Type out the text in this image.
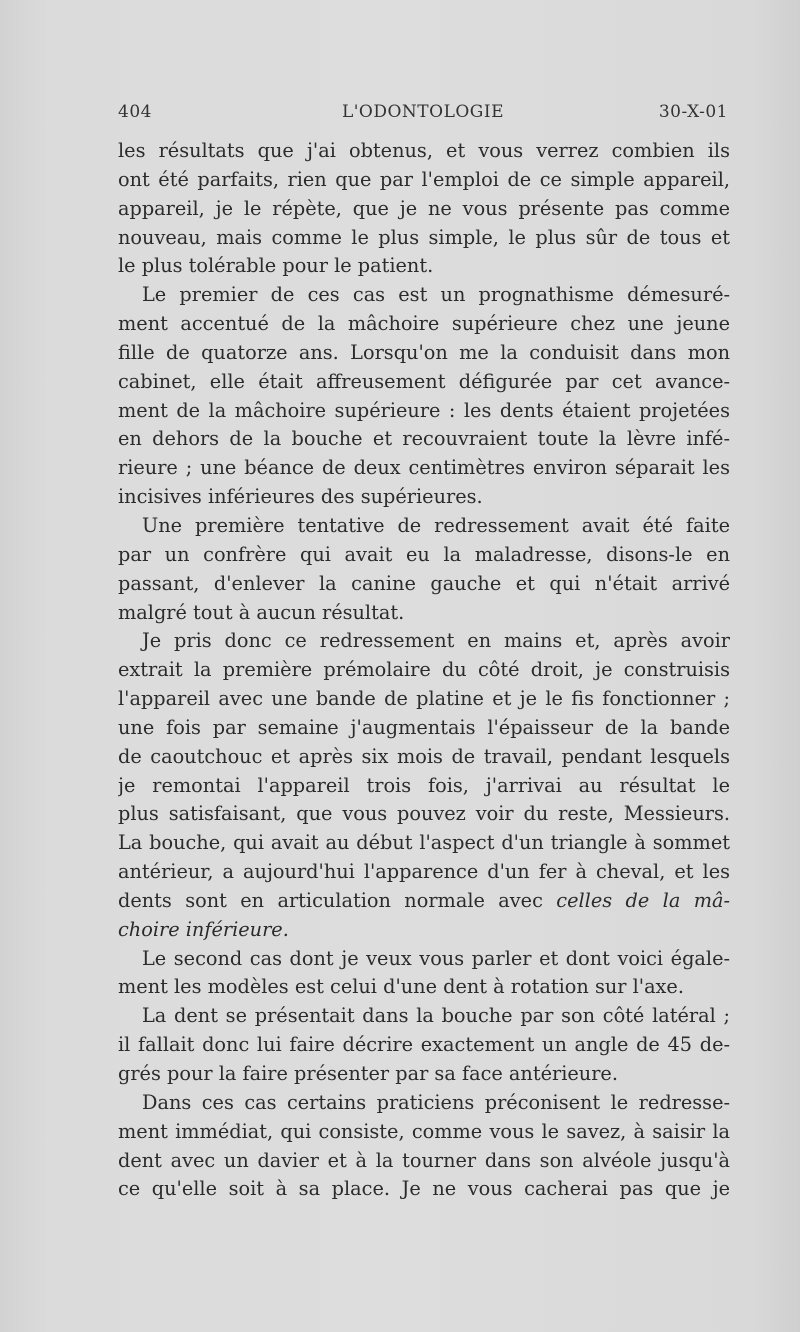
404	L'ODONTOLOGIE	30-X-01
les résultats que j'ai obtenus, et vous verrez combien ils
ont été parfaits, rien que par l'emploi de ce simple appareil,
appareil, je le répète, que je ne vous présente pas comme
nouveau, mais comme le plus simple, le plus sûr de tous et
le plus tolérable pour le patient.
Le premier de ces cas est un prognathisme démesuré-
ment accentué de la mâchoire supérieure chez une jeune
fille de quatorze ans. Lorsqu'on me la conduisit dans mon
cabinet, elle était affreusement défigurée par cet avance-
ment de la mâchoire supérieure : les dents étaient projetées
en dehors de la bouche et recouvraient toute la lèvre infé-
rieure ; une béance de deux centimètres environ séparait les
incisives inférieures des supérieures.
Une première tentative de redressement avait été faite
par un confrère qui avait eu la maladresse, disons-le en
passant, d'enlever la canine gauche et qui n'était arrivé
malgré tout à aucun résultat.
Je pris donc ce redressement en mains et, après avoir
extrait la première prémolaire du côté droit, je construisis
l'appareil avec une bande de platine et je le fis fonctionner ;
une fois par semaine j'augmentais l'épaisseur de la bande
de caoutchouc et après six mois de travail, pendant lesquels
je remontai l'appareil trois fois, j'arrivai au résultat le
plus satisfaisant, que vous pouvez voir du reste, Messieurs.
La bouche, qui avait au début l'aspect d'un triangle à sommet
antérieur, a aujourd'hui l'apparence d'un fer à cheval, et les
dents sont en articulation normale avec celles de la mâ-
choire inférieure.
Le second cas dont je veux vous parler et dont voici égale-
ment les modèles est celui d'une dent à rotation sur l'axe.
La dent se présentait dans la bouche par son côté latéral ;
il fallait donc lui faire décrire exactement un angle de 45 de-
grés pour la faire présenter par sa face antérieure.
Dans ces cas certains praticiens préconisent le redresse-
ment immédiat, qui consiste, comme vous le savez, à saisir la
dent avec un davier et à la tourner dans son alvéole jusqu'à
ce qu'elle soit à sa place. Je ne vous cacherai pas que je
